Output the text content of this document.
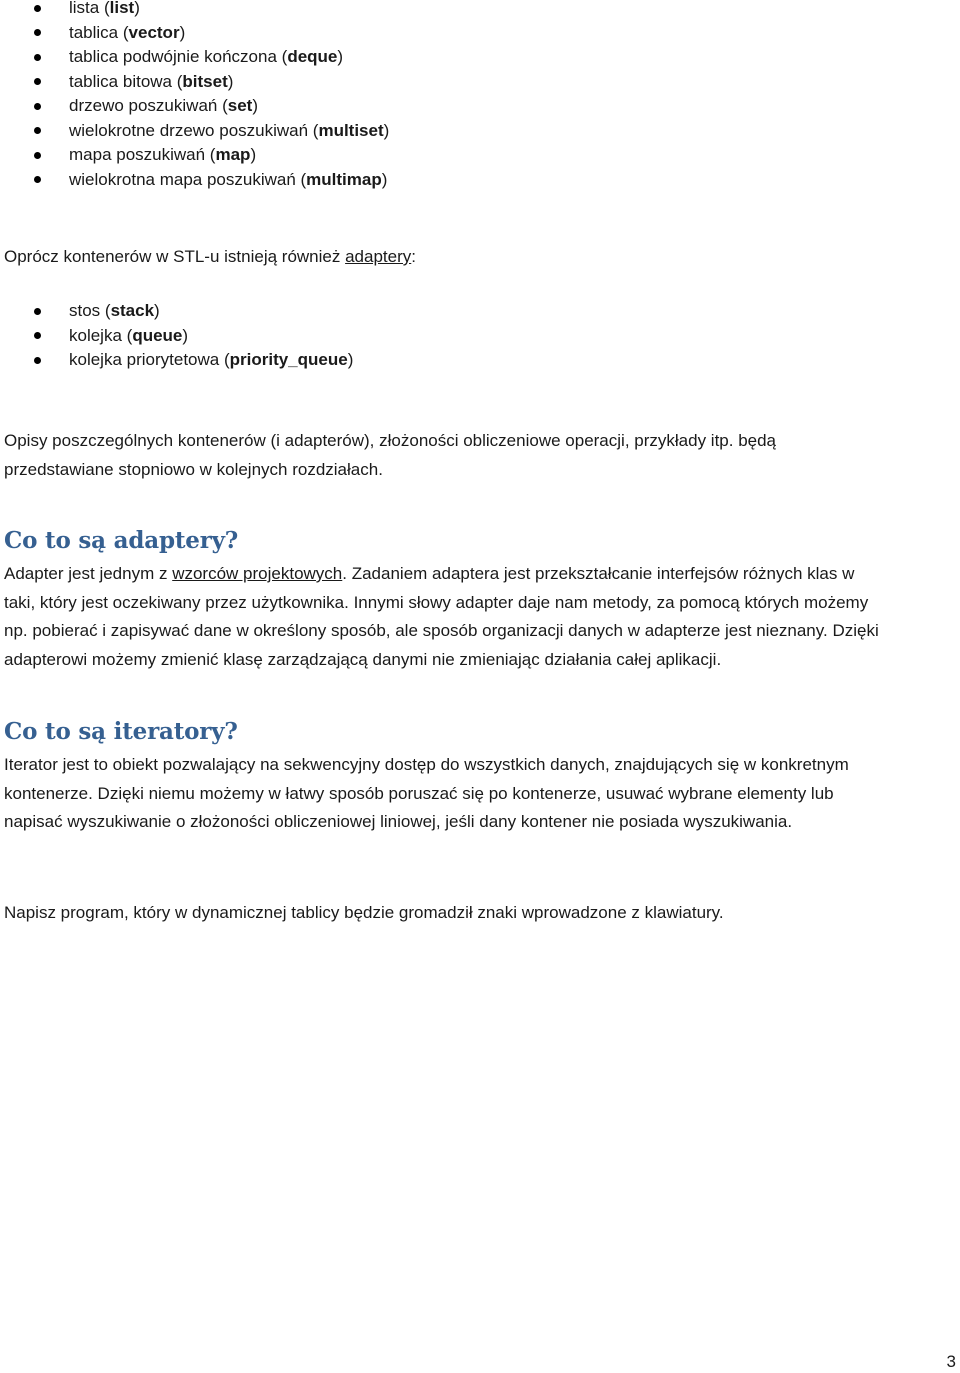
lista (list)
tablica (vector)
tablica podwójnie kończona (deque)
tablica bitowa (bitset)
drzewo poszukiwań (set)
wielokrotne drzewo poszukiwań (multiset)
mapa poszukiwań (map)
wielokrotna mapa poszukiwań (multimap)
Oprócz kontenerów w STL-u istnieją również adaptery:
stos (stack)
kolejka (queue)
kolejka priorytetowa (priority_queue)
Opisy poszczególnych kontenerów (i adapterów), złożoności obliczeniowe operacji, przykłady itp. będą
przedstawiane stopniowo w kolejnych rozdziałach.
Co to są adaptery?
Adapter jest jednym z wzorców projektowych. Zadaniem adaptera jest przekształcanie interfejsów różnych klas w
taki, który jest oczekiwany przez użytkownika. Innymi słowy adapter daje nam metody, za pomocą których możemy
np. pobierać i zapisywać dane w określony sposób, ale sposób organizacji danych w adapterze jest nieznany. Dzięki
adapterowi możemy zmienić klasę zarządzającą danymi nie zmieniając działania całej aplikacji.
Co to są iteratory?
Iterator jest to obiekt pozwalający na sekwencyjny dostęp do wszystkich danych, znajdujących się w konkretnym
kontenerze. Dzięki niemu możemy w łatwy sposób poruszać się po kontenerze, usuwać wybrane elementy lub
napisać wyszukiwanie o złożoności obliczeniowej liniowej, jeśli dany kontener nie posiada wyszukiwania.
Napisz program, który w dynamicznej tablicy będzie gromadził znaki wprowadzone z klawiatury.
3
